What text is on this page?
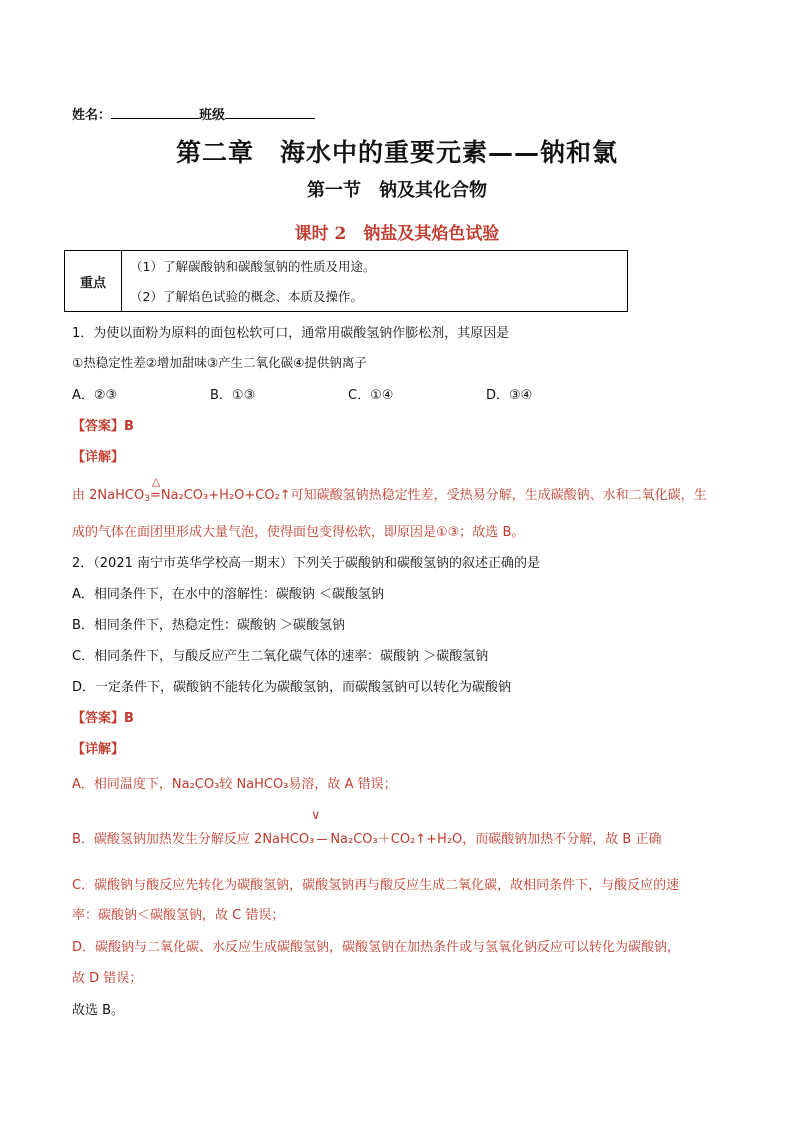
姓名：	班级
第二章　海水中的重要元素——钠和氯
第一节　钠及其化合物
课时 2　钠盐及其焰色试验
重点
（1）了解碳酸钠和碳酸氢钠的性质及用途。
（2）了解焰色试验的概念、本质及操作。
1．为使以面粉为原料的面包松软可口，通常用碳酸氢钠作膨松剂，其原因是
①热稳定性差②增加甜味③产生二氧化碳④提供钠离子
A．②③	B．①③	C．①④	D．③④
【答案】B
【详解】
由 2NaHCO$_3$
△
=Na₂CO₃+H₂O+CO₂↑可知碳酸氢钠热稳定性差，受热易分解，生成碳酸钠、水和二氧化碳，生
成的气体在面团里形成大量气泡，使得面包变得松软，即原因是①③；故选 B。
2．（2021 南宁市英华学校高一期末）下列关于碳酸钠和碳酸氢钠的叙述正确的是
A．相同条件下，在水中的溶解性：碳酸钠 ＜碳酸氢钠
B．相同条件下，热稳定性：碳酸钠 ＞碳酸氢钠
C．相同条件下，与酸反应产生二氧化碳气体的速率：碳酸钠 ＞碳酸氢钠
D．一定条件下，碳酸钠不能转化为碳酸氢钠，而碳酸氢钠可以转化为碳酸钠
【答案】B
【详解】
A．相同温度下，Na₂CO₃较 NaHCO₃易溶，故 A 错误；
∨
B．碳酸氢钠加热发生分解反应 2NaHCO₃ Na₂CO₃＋CO₂↑+H₂O，而碳酸钠加热不分解，故 B 正确
C．碳酸钠与酸反应先转化为碳酸氢钠，碳酸氢钠再与酸反应生成二氧化碳，故相同条件下，与酸反应的速
率：碳酸钠＜碳酸氢钠，故 C 错误；
D．碳酸钠与二氧化碳、水反应生成碳酸氢钠，碳酸氢钠在加热条件或与氢氧化钠反应可以转化为碳酸钠，
故 D 错误；
故选 B。
